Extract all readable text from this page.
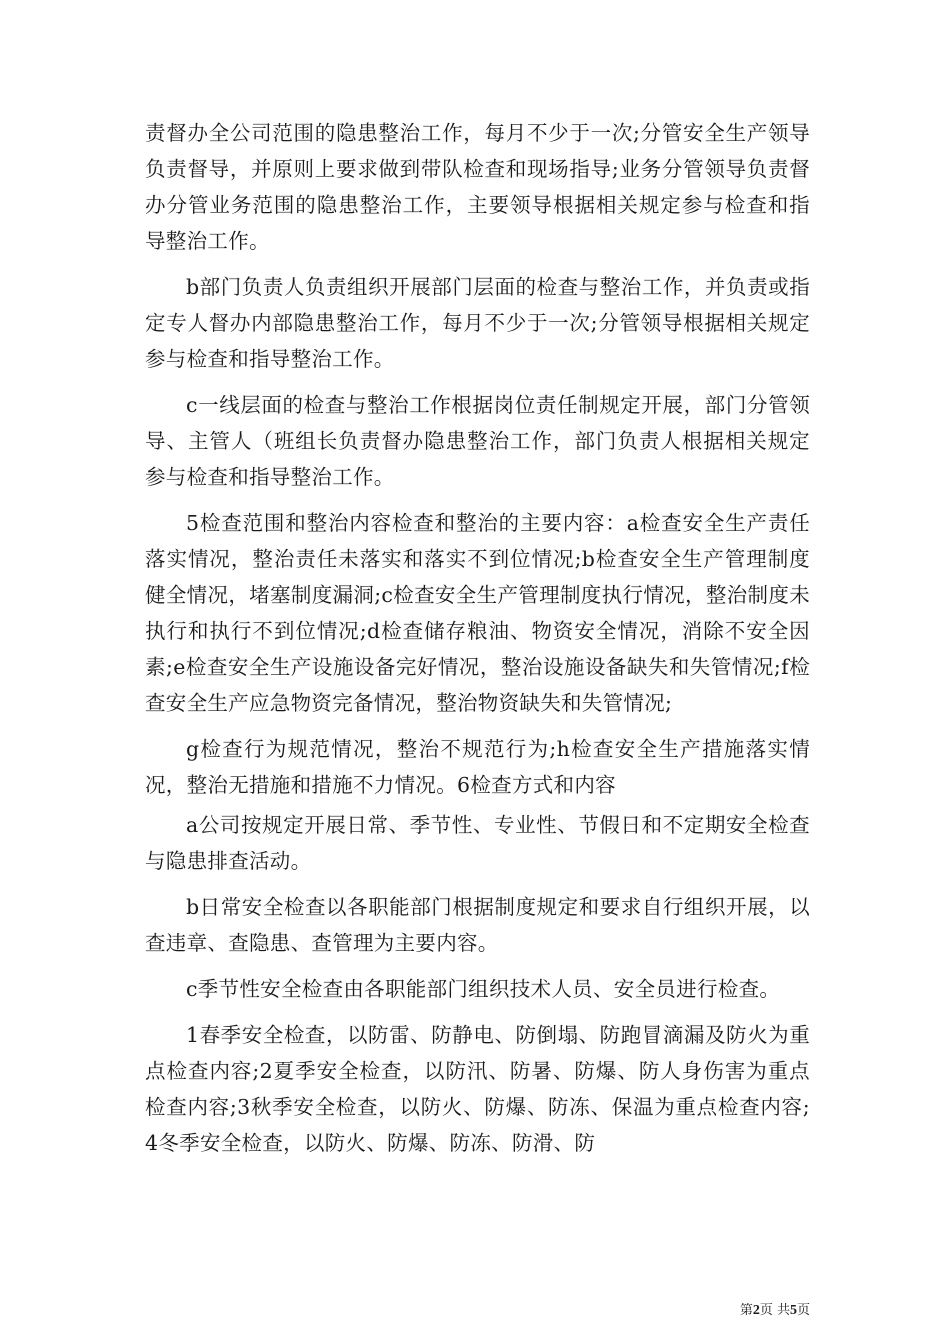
责督办全公司范围的隐患整治工作，每月不少于一次;分管安全生产领导负责督导，并原则上要求做到带队检查和现场指导;业务分管领导负责督办分管业务范围的隐患整治工作，主要领导根据相关规定参与检查和指导整治工作。

b部门负责人负责组织开展部门层面的检查与整治工作，并负责或指定专人督办内部隐患整治工作，每月不少于一次;分管领导根据相关规定参与检查和指导整治工作。

c一线层面的检查与整治工作根据岗位责任制规定开展，部门分管领导、主管人（班组长负责督办隐患整治工作，部门负责人根据相关规定参与检查和指导整治工作。

5检查范围和整治内容检查和整治的主要内容：a检查安全生产责任落实情况，整治责任未落实和落实不到位情况;b检查安全生产管理制度健全情况，堵塞制度漏洞;c检查安全生产管理制度执行情况，整治制度未执行和执行不到位情况;d检查储存粮油、物资安全情况，消除不安全因素;e检查安全生产设施设备完好情况，整治设施设备缺失和失管情况;f检查安全生产应急物资完备情况，整治物资缺失和失管情况;

g检查行为规范情况，整治不规范行为;h检查安全生产措施落实情况，整治无措施和措施不力情况。6检查方式和内容

a公司按规定开展日常、季节性、专业性、节假日和不定期安全检查与隐患排查活动。

b日常安全检查以各职能部门根据制度规定和要求自行组织开展，以查违章、查隐患、查管理为主要内容。

c季节性安全检查由各职能部门组织技术人员、安全员进行检查。

1春季安全检查，以防雷、防静电、防倒塌、防跑冒滴漏及防火为重点检查内容;2夏季安全检查，以防汛、防暑、防爆、防人身伤害为重点检查内容;3秋季安全检查，以防火、防爆、防冻、保温为重点检查内容;4冬季安全检查，以防火、防爆、防冻、防滑、防

第2页 共5页
